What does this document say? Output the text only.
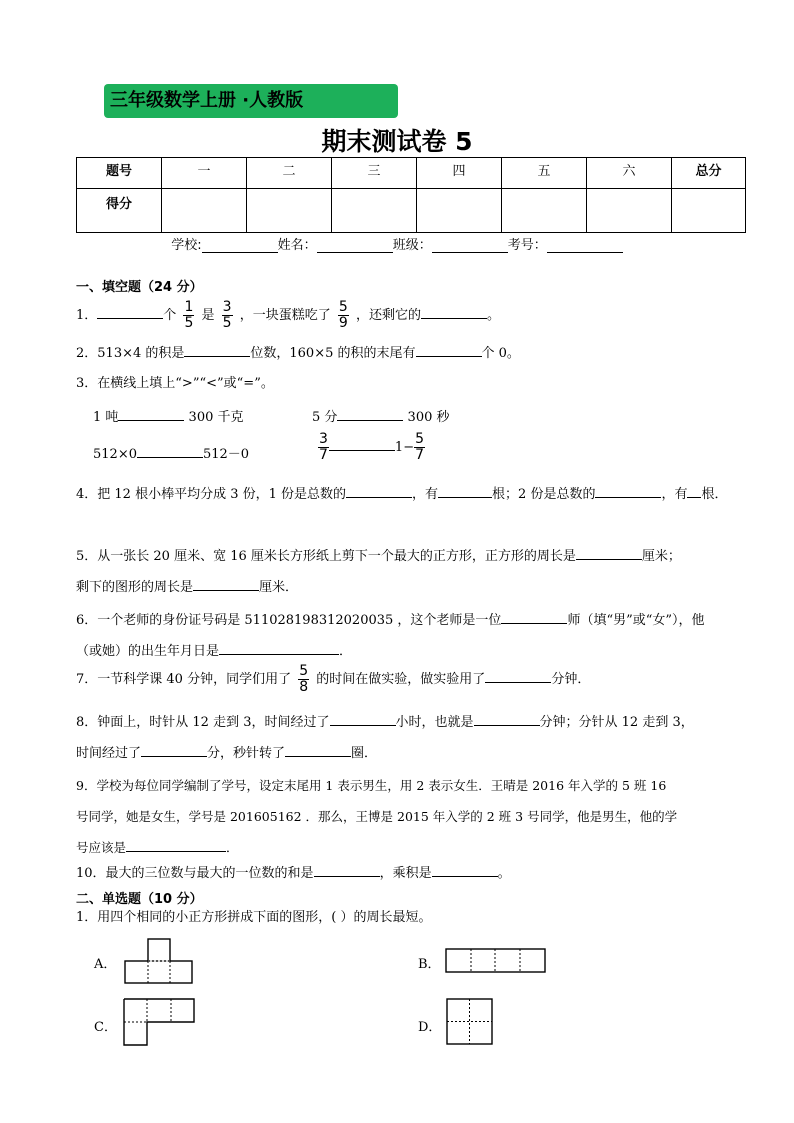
三年级数学上册 ·人教版
期末测试卷 5
题号	一	二	三	四	五	六	总分
得分							
学校:	姓名：	班级：	考号：
一、填空题（24 分）
1．	个 $\frac{1}{5}$ 是 $\frac{3}{5}$ ，一块蛋糕吃了 $\frac{5}{9}$ ，还剩它的	。
2．513×4 的积是	位数，160×5 的积的末尾有	个 0。
3．在横线上填上“>”“<”或“=”。
1 吨	300 千克	5 分	300 秒
512×0	512－0	$\frac{3}{7}$	$1- \frac{5}{7}$
4．把 12 根小棒平均分成 3 份，1 份是总数的	，有	根；2 份是总数的	，有 根．
5．从一张长 20 厘米、宽 16 厘米长方形纸上剪下一个最大的正方形，正方形的周长是	厘米；
剩下的图形的周长是	厘米．
6．一个老师的身份证号码是 511028198312020035 ，这个老师是一位	师（填“男”或“女”），他
（或她）的出生年月日是	．
7．一节科学课 40 分钟，同学们用了 $\frac{5}{8}$ 的时间在做实验，做实验用了	分钟．
8．钟面上，时针从 12 走到 3，时间经过了	小时，也就是	分钟；分针从 12 走到 3，
时间经过了	分，秒针转了	圈．
9．学校为每位同学编制了学号，设定末尾用 1 表示男生，用 2 表示女生．王晴是 2016 年入学的 5 班 16
号同学，她是女生，学号是 201605162 ．那么，王博是 2015 年入学的 2 班 3 号同学，他是男生，他的学
号应该是	．
10．最大的三位数与最大的一位数的和是	，乘积是	。
二、单选题（10 分）
1．用四个相同的小正方形拼成下面的图形，( ）的周长最短。
A．	B．
C．	D．
